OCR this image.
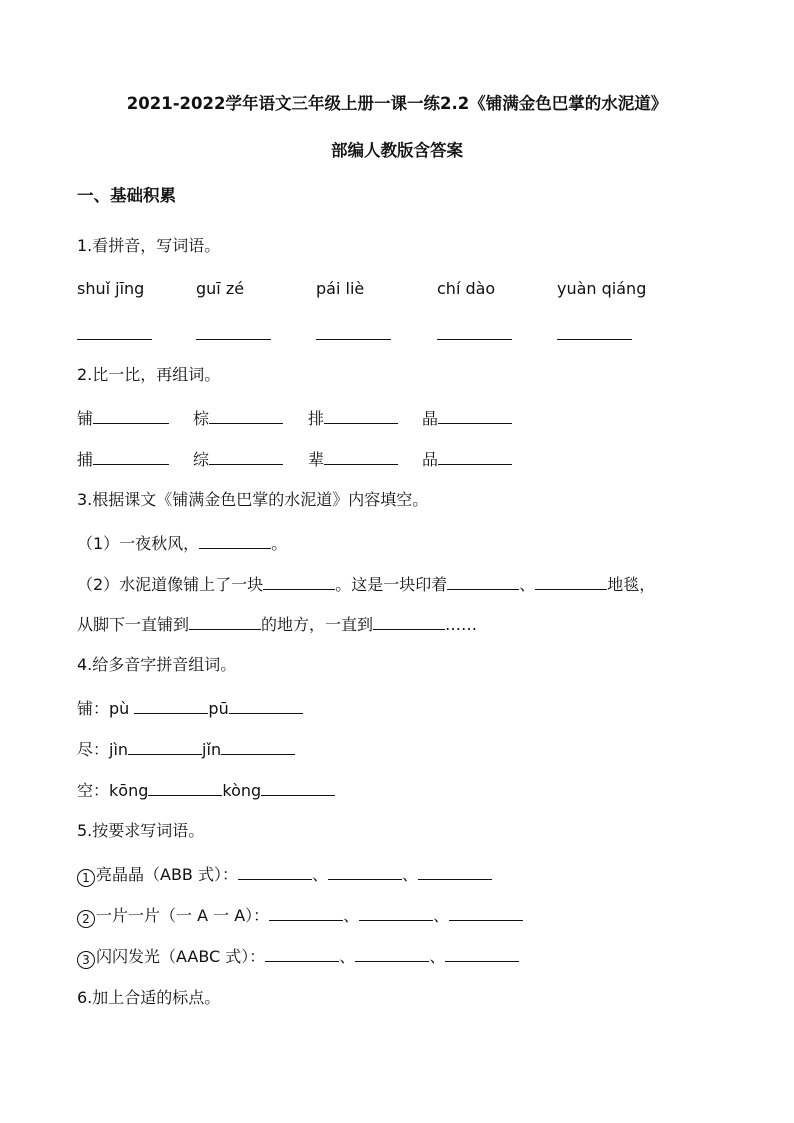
2021-2022学年语文三年级上册一课一练2.2《铺满金色巴掌的水泥道》
部编人教版含答案
一、基础积累
1.看拼音，写词语。
shuǐ jīng	guī zé	pái liè	chí dào	yuàn qiáng
2.比一比，再组词。
铺	棕	排	晶
捕	综	辈	品
3.根据课文《铺满金色巴掌的水泥道》内容填空。
（1）一夜秋风，	。
（2）水泥道像铺上了一块	。这是一块印着	、	地毯，
从脚下一直铺到	的地方，一直到	……
4.给多音字拼音组词。
铺：pù	pū
尽：jìn	jǐn
空：kōng	kòng
5.按要求写词语。
1 亮晶晶（ABB 式）：	、	、
2 一片一片（一 A 一 A）：	、	、
3 闪闪发光（AABC 式）：	、	、
6.加上合适的标点。
